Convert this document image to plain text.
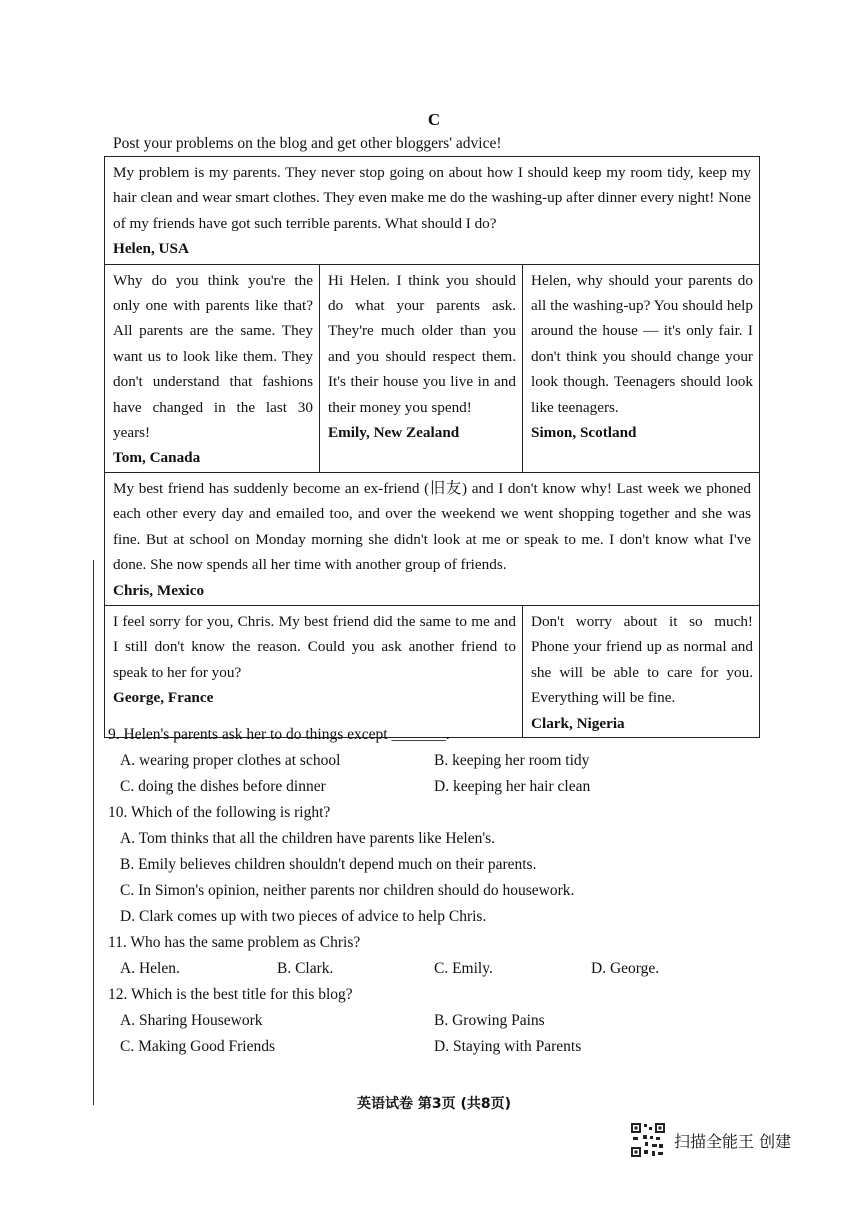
C
Post your problems on the blog and get other bloggers' advice!
My problem is my parents. They never stop going on about how I should keep my room tidy, keep my hair clean and wear smart clothes. They even make me do the washing-up after dinner every night! None of my friends have got such terrible parents. What should I do?
Helen, USA
Why do you think you're the only one with parents like that? All parents are the same. They want us to look like them. They don't understand that fashions have changed in the last 30 years!
Tom, Canada
Hi Helen. I think you should do what your parents ask. They're much older than you and you should respect them. It's their house you live in and their money you spend!
Emily, New Zealand
Helen, why should your parents do all the washing-up? You should help around the house — it's only fair. I don't think you should change your look though. Teenagers should look like teenagers.
Simon, Scotland
My best friend has suddenly become an ex-friend (旧友) and I don't know why! Last week we phoned each other every day and emailed too, and over the weekend we went shopping together and she was fine. But at school on Monday morning she didn't look at me or speak to me. I don't know what I've done. She now spends all her time with another group of friends.
Chris, Mexico
I feel sorry for you, Chris. My best friend did the same to me and I still don't know the reason. Could you ask another friend to speak to her for you?
George, France
Don't worry about it so much! Phone your friend up as normal and she will be able to care for you. Everything will be fine.
Clark, Nigeria
9. Helen's parents ask her to do things except _______.
A. wearing proper clothes at school	B. keeping her room tidy
C. doing the dishes before dinner	D. keeping her hair clean
10. Which of the following is right?
A. Tom thinks that all the children have parents like Helen's.
B. Emily believes children shouldn't depend much on their parents.
C. In Simon's opinion, neither parents nor children should do housework.
D. Clark comes up with two pieces of advice to help Chris.
11. Who has the same problem as Chris?
A. Helen.	B. Clark.	C. Emily.	D. George.
12. Which is the best title for this blog?
A. Sharing Housework	B. Growing Pains
C. Making Good Friends	D. Staying with Parents
英语试卷 第3页 (共8页)
扫描全能王 创建
